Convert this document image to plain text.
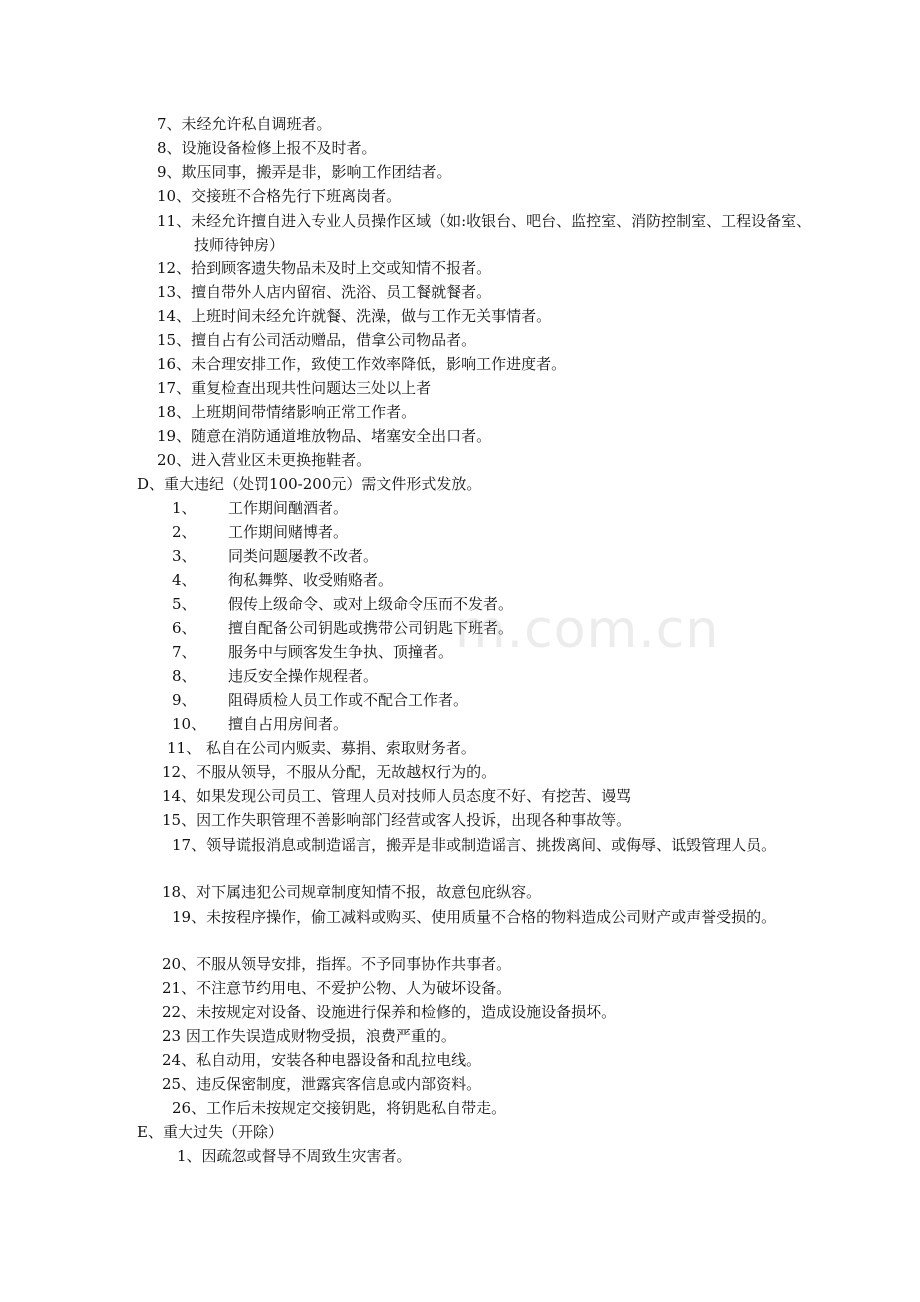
7、未经允许私自调班者。
8、设施设备检修上报不及时者。
9、欺压同事，搬弄是非，影响工作团结者。
10、交接班不合格先行下班离岗者。
11、未经允许擅自进入专业人员操作区域（如:收银台、吧台、监控室、消防控制室、工程设备室、技师待钟房）
12、拾到顾客遗失物品未及时上交或知情不报者。
13、擅自带外人店内留宿、洗浴、员工餐就餐者。
14、上班时间未经允许就餐、洗澡，做与工作无关事情者。
15、擅自占有公司活动赠品，借拿公司物品者。
16、未合理安排工作，致使工作效率降低，影响工作进度者。
17、重复检查出现共性问题达三处以上者
18、上班期间带情绪影响正常工作者。
19、随意在消防通道堆放物品、堵塞安全出口者。
20、进入营业区未更换拖鞋者。
D、重大违纪（处罚100-200元）需文件形式发放。
1、 工作期间酗酒者。
2、 工作期间赌博者。
3、 同类问题屡教不改者。
4、 徇私舞弊、收受贿赂者。
5、 假传上级命令、或对上级命令压而不发者。
6、 擅自配备公司钥匙或携带公司钥匙下班者。
7、 服务中与顾客发生争执、顶撞者。
8、 违反安全操作规程者。
9、 阻碍质检人员工作或不配合工作者。
10、 擅自占用房间者。
11、 私自在公司内贩卖、募捐、索取财务者。
12、不服从领导，不服从分配，无故越权行为的。
14、如果发现公司员工、管理人员对技师人员态度不好、有挖苦、谩骂
15、因工作失职管理不善影响部门经营或客人投诉，出现各种事故等。
17、领导谎报消息或制造谣言，搬弄是非或制造谣言、挑拨离间、或侮辱、诋毁管理人员。
18、对下属违犯公司规章制度知情不报，故意包庇纵容。
19、未按程序操作，偷工减料或购买、使用质量不合格的物料造成公司财产或声誉受损的。
20、不服从领导安排，指挥。不予同事协作共事者。
21、不注意节约用电、不爱护公物、人为破坏设备。
22、未按规定对设备、设施进行保养和检修的，造成设施设备损坏。
23 因工作失误造成财物受损，浪费严重的。
24、私自动用，安装各种电器设备和乱拉电线。
25、违反保密制度，泄露宾客信息或内部资料。
26、工作后未按规定交接钥匙，将钥匙私自带走。
E、重大过失（开除）
1、因疏忽或督导不周致生灾害者。
m.com.cn
